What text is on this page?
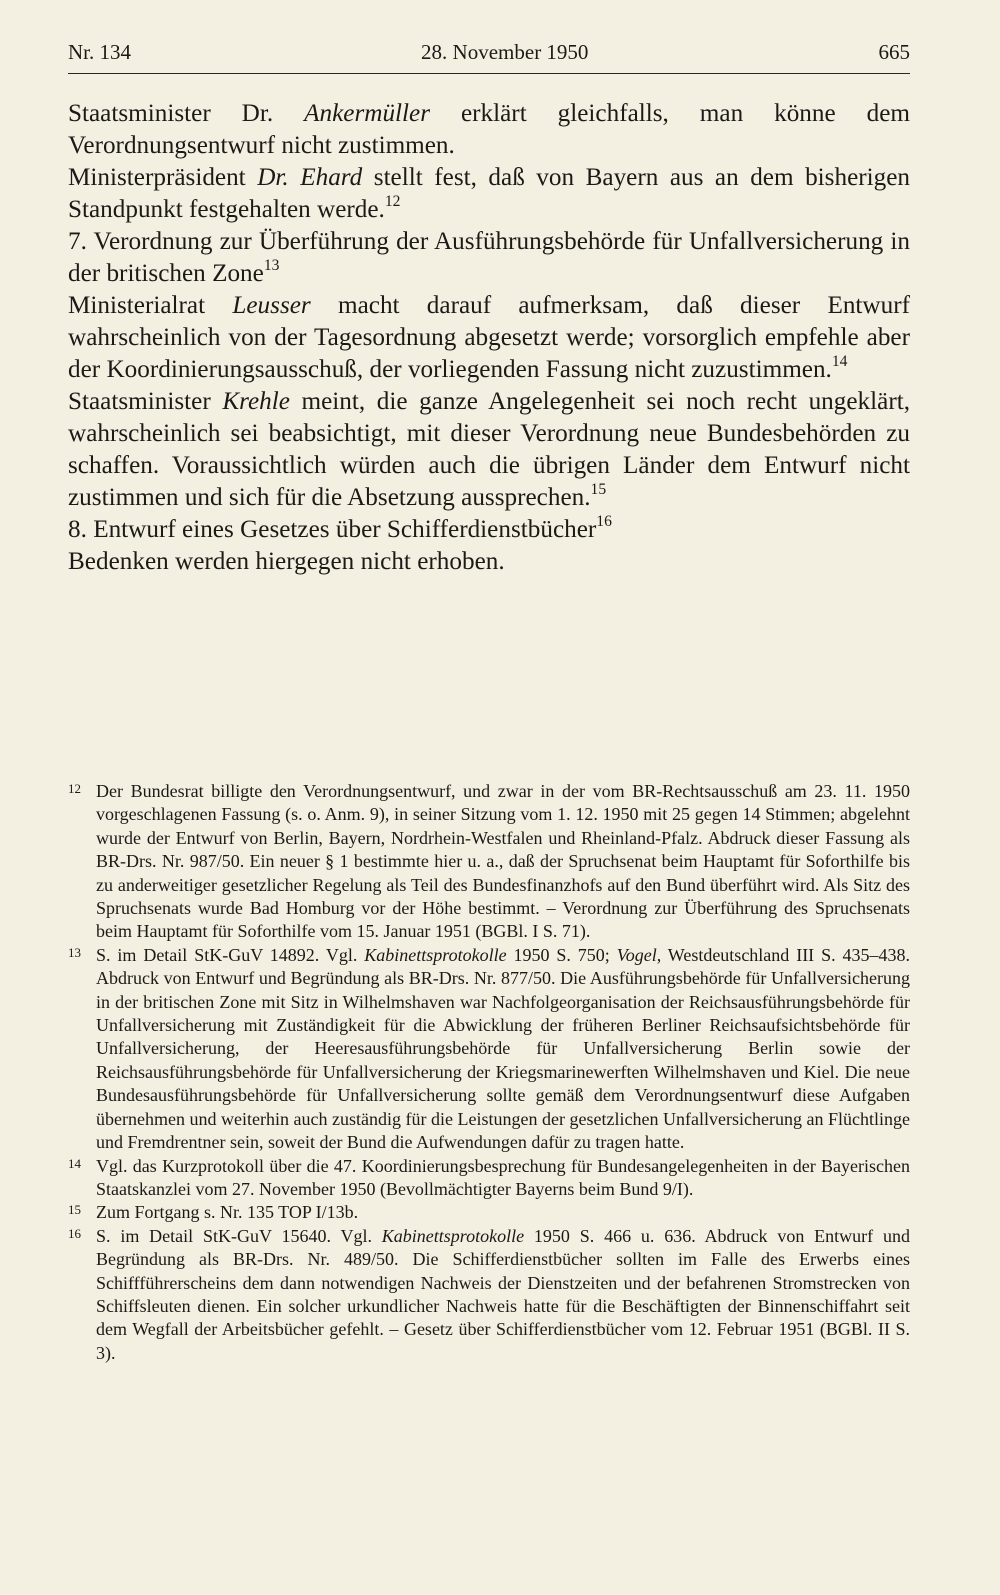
Nr. 134	28. November 1950	665

Staatsminister Dr. Ankermüller erklärt gleichfalls, man könne dem Verordnungsentwurf nicht zustimmen.

Ministerpräsident Dr. Ehard stellt fest, daß von Bayern aus an dem bisherigen Standpunkt festgehalten werde.$^{12}$

7. Verordnung zur Überführung der Ausführungsbehörde für Unfallversicherung in der britischen Zone$^{13}$

Ministerialrat Leusser macht darauf aufmerksam, daß dieser Entwurf wahrscheinlich von der Tagesordnung abgesetzt werde; vorsorglich empfehle aber der Koordinierungsausschuß, der vorliegenden Fassung nicht zuzustimmen.$^{14}$

Staatsminister Krehle meint, die ganze Angelegenheit sei noch recht ungeklärt, wahrscheinlich sei beabsichtigt, mit dieser Verordnung neue Bundesbehörden zu schaffen. Voraussichtlich würden auch die übrigen Länder dem Entwurf nicht zustimmen und sich für die Absetzung aussprechen.$^{15}$

8. Entwurf eines Gesetzes über Schifferdienstbücher$^{16}$

Bedenken werden hiergegen nicht erhoben.

12 Der Bundesrat billigte den Verordnungsentwurf, und zwar in der vom BR-Rechtsausschuß am 23. 11. 1950 vorgeschlagenen Fassung (s. o. Anm. 9), in seiner Sitzung vom 1. 12. 1950 mit 25 gegen 14 Stimmen; abgelehnt wurde der Entwurf von Berlin, Bayern, Nordrhein-Westfalen und Rheinland-Pfalz. Abdruck dieser Fassung als BR-Drs. Nr. 987/50. Ein neuer § 1 bestimmte hier u. a., daß der Spruchsenat beim Hauptamt für Soforthilfe bis zu anderweitiger gesetzlicher Regelung als Teil des Bundesfinanzhofs auf den Bund überführt wird. Als Sitz des Spruchsenats wurde Bad Homburg vor der Höhe bestimmt. – Verordnung zur Überführung des Spruchsenats beim Hauptamt für Soforthilfe vom 15. Januar 1951 (BGBl. I S. 71).
13 S. im Detail StK-GuV 14892. Vgl. Kabinettsprotokolle 1950 S. 750; Vogel, Westdeutschland III S. 435–438. Abdruck von Entwurf und Begründung als BR-Drs. Nr. 877/50. Die Ausführungsbehörde für Unfallversicherung in der britischen Zone mit Sitz in Wilhelmshaven war Nachfolgeorganisation der Reichsausführungsbehörde für Unfallversicherung mit Zuständigkeit für die Abwicklung der früheren Berliner Reichsaufsichtsbehörde für Unfallversicherung, der Heeresausführungsbehörde für Unfallversicherung Berlin sowie der Reichsausführungsbehörde für Unfallversicherung der Kriegsmarinewerften Wilhelmshaven und Kiel. Die neue Bundesausführungsbehörde für Unfallversicherung sollte gemäß dem Verordnungsentwurf diese Aufgaben übernehmen und weiterhin auch zuständig für die Leistungen der gesetzlichen Unfallversicherung an Flüchtlinge und Fremdrentner sein, soweit der Bund die Aufwendungen dafür zu tragen hatte.
14 Vgl. das Kurzprotokoll über die 47. Koordinierungsbesprechung für Bundesangelegenheiten in der Bayerischen Staatskanzlei vom 27. November 1950 (Bevollmächtigter Bayerns beim Bund 9/I).
15 Zum Fortgang s. Nr. 135 TOP I/13b.
16 S. im Detail StK-GuV 15640. Vgl. Kabinettsprotokolle 1950 S. 466 u. 636. Abdruck von Entwurf und Begründung als BR-Drs. Nr. 489/50. Die Schifferdienstbücher sollten im Falle des Erwerbs eines Schiffführerscheins dem dann notwendigen Nachweis der Dienstzeiten und der befahrenen Stromstrecken von Schiffsleuten dienen. Ein solcher urkundlicher Nachweis hatte für die Beschäftigten der Binnenschiffahrt seit dem Wegfall der Arbeitsbücher gefehlt. – Gesetz über Schifferdienstbücher vom 12. Februar 1951 (BGBl. II S. 3).
